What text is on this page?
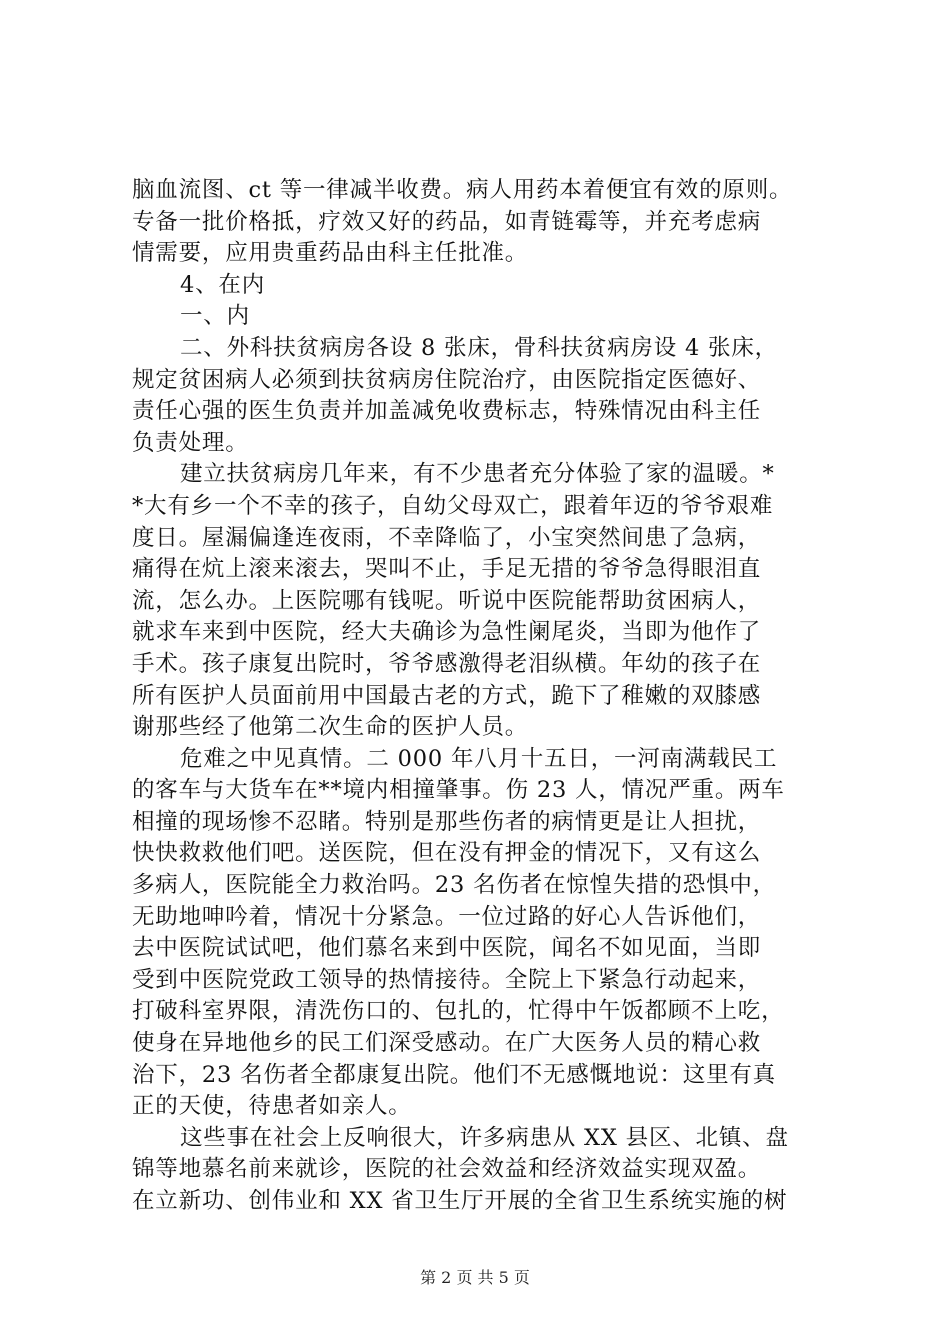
脑血流图、ct 等一律减半收费。病人用药本着便宜有效的原则。
专备一批价格抵，疗效又好的药品，如青链霉等，并充考虑病
情需要，应用贵重药品由科主任批准。
4、在内
一、内
二、外科扶贫病房各设 8 张床，骨科扶贫病房设 4 张床，
规定贫困病人必须到扶贫病房住院治疗，由医院指定医德好、
责任心强的医生负责并加盖减免收费标志，特殊情况由科主任
负责处理。
建立扶贫病房几年来，有不少患者充分体验了家的温暖。*
*大有乡一个不幸的孩子，自幼父母双亡，跟着年迈的爷爷艰难
度日。屋漏偏逢连夜雨，不幸降临了，小宝突然间患了急病，
痛得在炕上滚来滚去，哭叫不止，手足无措的爷爷急得眼泪直
流，怎么办。上医院哪有钱呢。听说中医院能帮助贫困病人，
就求车来到中医院，经大夫确诊为急性阑尾炎，当即为他作了
手术。孩子康复出院时，爷爷感激得老泪纵横。年幼的孩子在
所有医护人员面前用中国最古老的方式，跪下了稚嫩的双膝感
谢那些经了他第二次生命的医护人员。
危难之中见真情。二 000 年八月十五日，一河南满载民工
的客车与大货车在**境内相撞肇事。伤 23 人，情况严重。两车
相撞的现场惨不忍睹。特别是那些伤者的病情更是让人担扰，
快快救救他们吧。送医院，但在没有押金的情况下，又有这么
多病人，医院能全力救治吗。23 名伤者在惊惶失措的恐惧中，
无助地呻吟着，情况十分紧急。一位过路的好心人告诉他们，
去中医院试试吧，他们慕名来到中医院，闻名不如见面，当即
受到中医院党政工领导的热情接待。全院上下紧急行动起来，
打破科室界限，清洗伤口的、包扎的，忙得中午饭都顾不上吃，
使身在异地他乡的民工们深受感动。在广大医务人员的精心救
治下，23 名伤者全都康复出院。他们不无感慨地说：这里有真
正的天使，待患者如亲人。
这些事在社会上反响很大，许多病患从 XX 县区、北镇、盘
锦等地慕名前来就诊，医院的社会效益和经济效益实现双盈。
在立新功、创伟业和 XX 省卫生厅开展的全省卫生系统实施的树
第 2 页 共 5 页
